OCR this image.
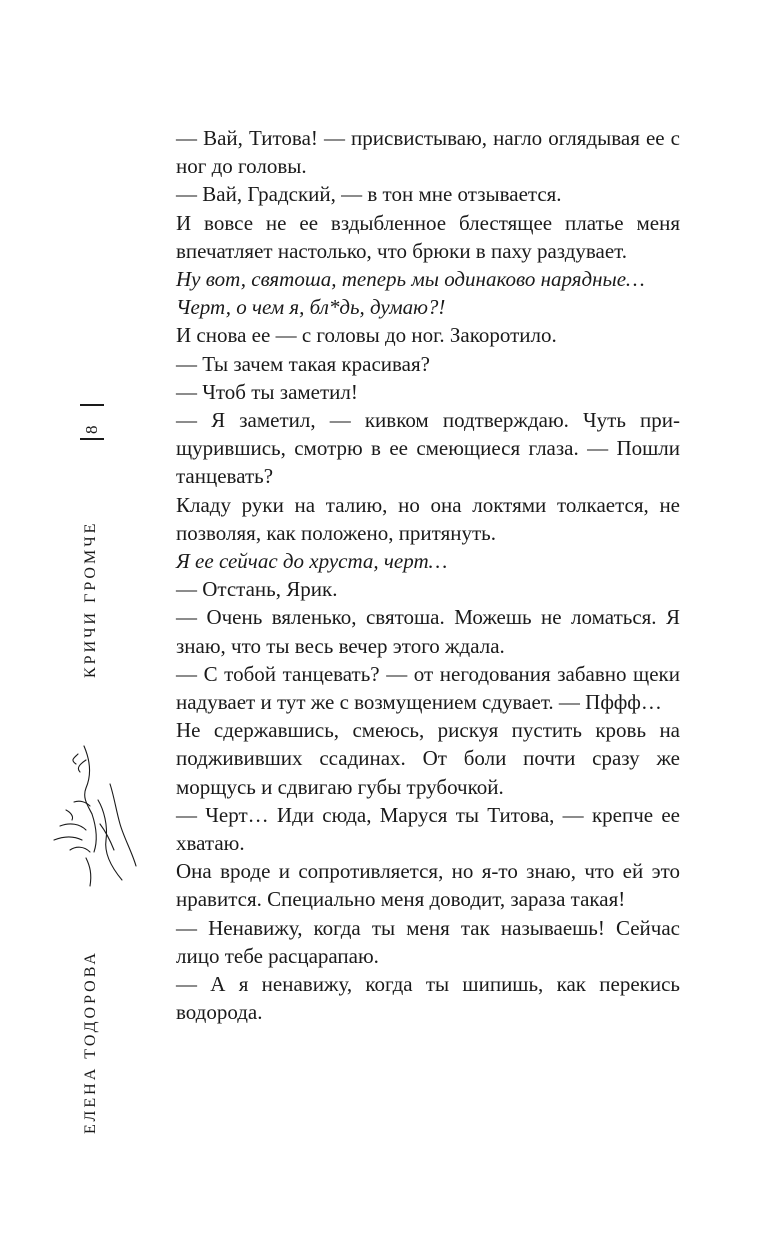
8
КРИЧИ ГРОМЧЕ
ЕЛЕНА ТОДОРОВА

— Вай, Титова! — присвистываю, нагло оглядывая ее с ног до головы.

— Вай, Градский, — в тон мне отзывается.

И вовсе не ее вздыбленное блестящее платье меня впечатляет настолько, что брюки в паху раздувает.

Ну вот, святоша, теперь мы одинаково нарядные…

Черт, о чем я, бл*дь, думаю?!

И снова ее — с головы до ног. Закоротило.

— Ты зачем такая красивая?

— Чтоб ты заметил!

— Я заметил, — кивком подтверждаю. Чуть прищурившись, смотрю в ее смеющиеся глаза. — Пошли танцевать?

Кладу руки на талию, но она локтями толкается, не позволяя, как положено, притянуть.

Я ее сейчас до хруста, черт…

— Отстань, Ярик.

— Очень вяленько, святоша. Можешь не ломаться. Я знаю, что ты весь вечер этого ждала.

— С тобой танцевать? — от негодования забавно щеки надувает и тут же с возмущением сдувает. — Пффф…

Не сдержавшись, смеюсь, рискуя пустить кровь на поджививших ссадинах. От боли почти сразу же морщусь и сдвигаю губы трубочкой.

— Черт… Иди сюда, Маруся ты Титова, — крепче ее хватаю.

Она вроде и сопротивляется, но я-то знаю, что ей это нравится. Специально меня доводит, зараза такая!

— Ненавижу, когда ты меня так называешь! Сейчас лицо тебе расцарапаю.

— А я ненавижу, когда ты шипишь, как перекись водорода.
